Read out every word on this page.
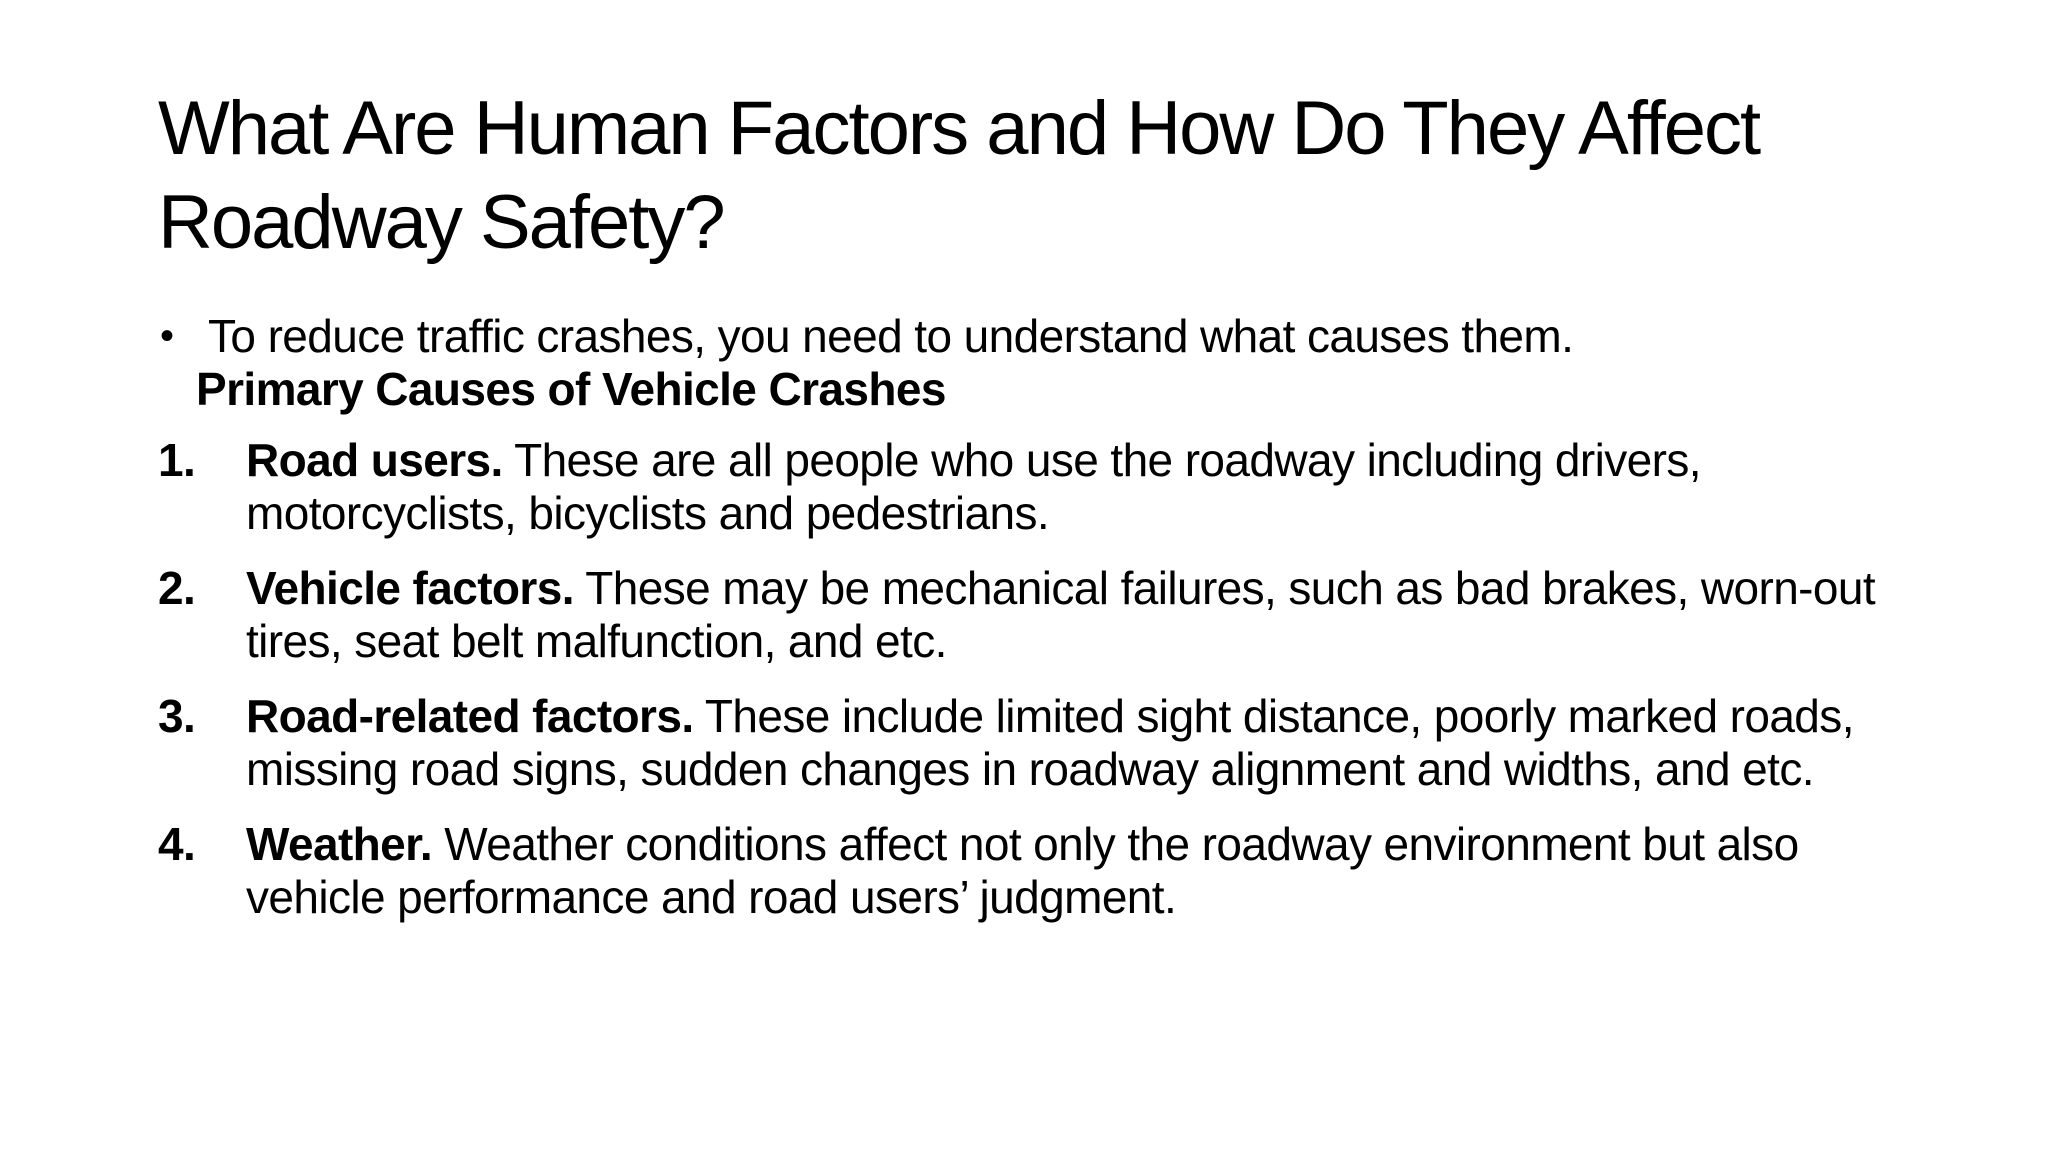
What Are Human Factors and How Do They Affect Roadway Safety?
• To reduce traffic crashes, you need to understand what causes them.
Primary Causes of Vehicle Crashes
1. Road users. These are all people who use the roadway including drivers, motorcyclists, bicyclists and pedestrians.
2. Vehicle factors. These may be mechanical failures, such as bad brakes, worn-out tires, seat belt malfunction, and etc.
3. Road-related factors. These include limited sight distance, poorly marked roads, missing road signs, sudden changes in roadway alignment and widths, and etc.
4. Weather. Weather conditions affect not only the roadway environment but also vehicle performance and road users’ judgment.
